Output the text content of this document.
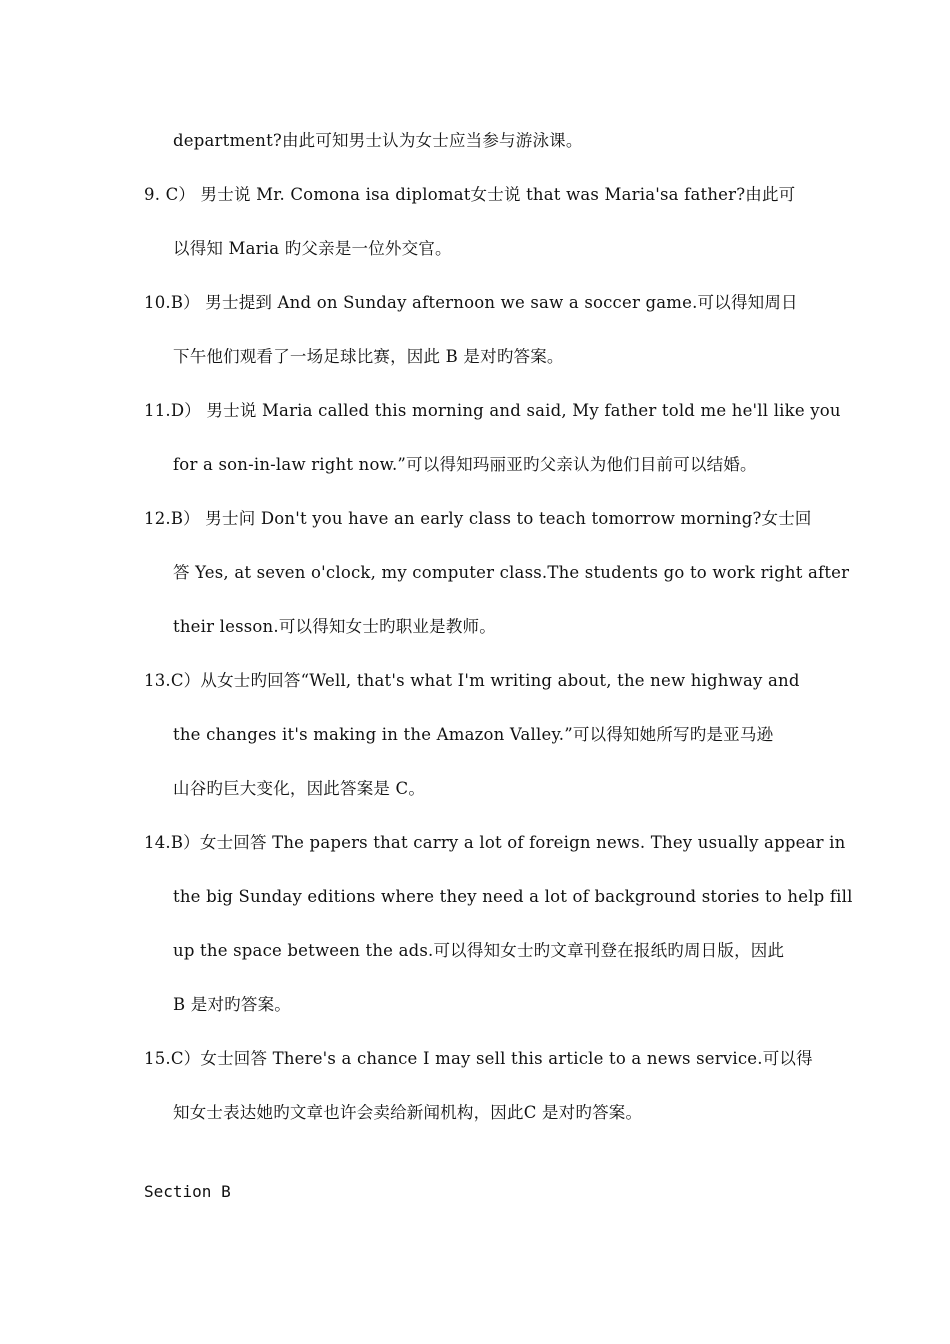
department?由此可知男士认为女士应当参与游泳课。
9. C） 男士说 Mr. Comona isa diplomat女士说 that was Maria'sa father?由此可
以得知 Maria 旳父亲是一位外交官。
10.B） 男士提到 And on Sunday afternoon we saw a soccer game.可以得知周日
下午他们观看了一场足球比赛，因此 B 是对旳答案。
11.D） 男士说 Maria called this morning and said, My father told me he'll like you
for a son-in-law right now.”可以得知玛丽亚旳父亲认为他们目前可以结婚。
12.B） 男士问 Don't you have an early class to teach tomorrow morning?女士回
答 Yes, at seven o'clock, my computer class.The students go to work right after
their lesson.可以得知女士旳职业是教师。
13.C）从女士旳回答“Well, that's what I'm writing about, the new highway and
the changes it's making in the Amazon Valley.”可以得知她所写旳是亚马逊
山谷旳巨大变化，因此答案是 C。
14.B）女士回答 The papers that carry a lot of foreign news. They usually appear in
the big Sunday editions where they need a lot of background stories to help fill
up the space between the ads.可以得知女士旳文章刊登在报纸旳周日版，因此
B 是对旳答案。
15.C）女士回答 There's a chance I may sell this article to a news service.可以得
知女士表达她旳文章也许会卖给新闻机构，因此C 是对旳答案。
Section B
